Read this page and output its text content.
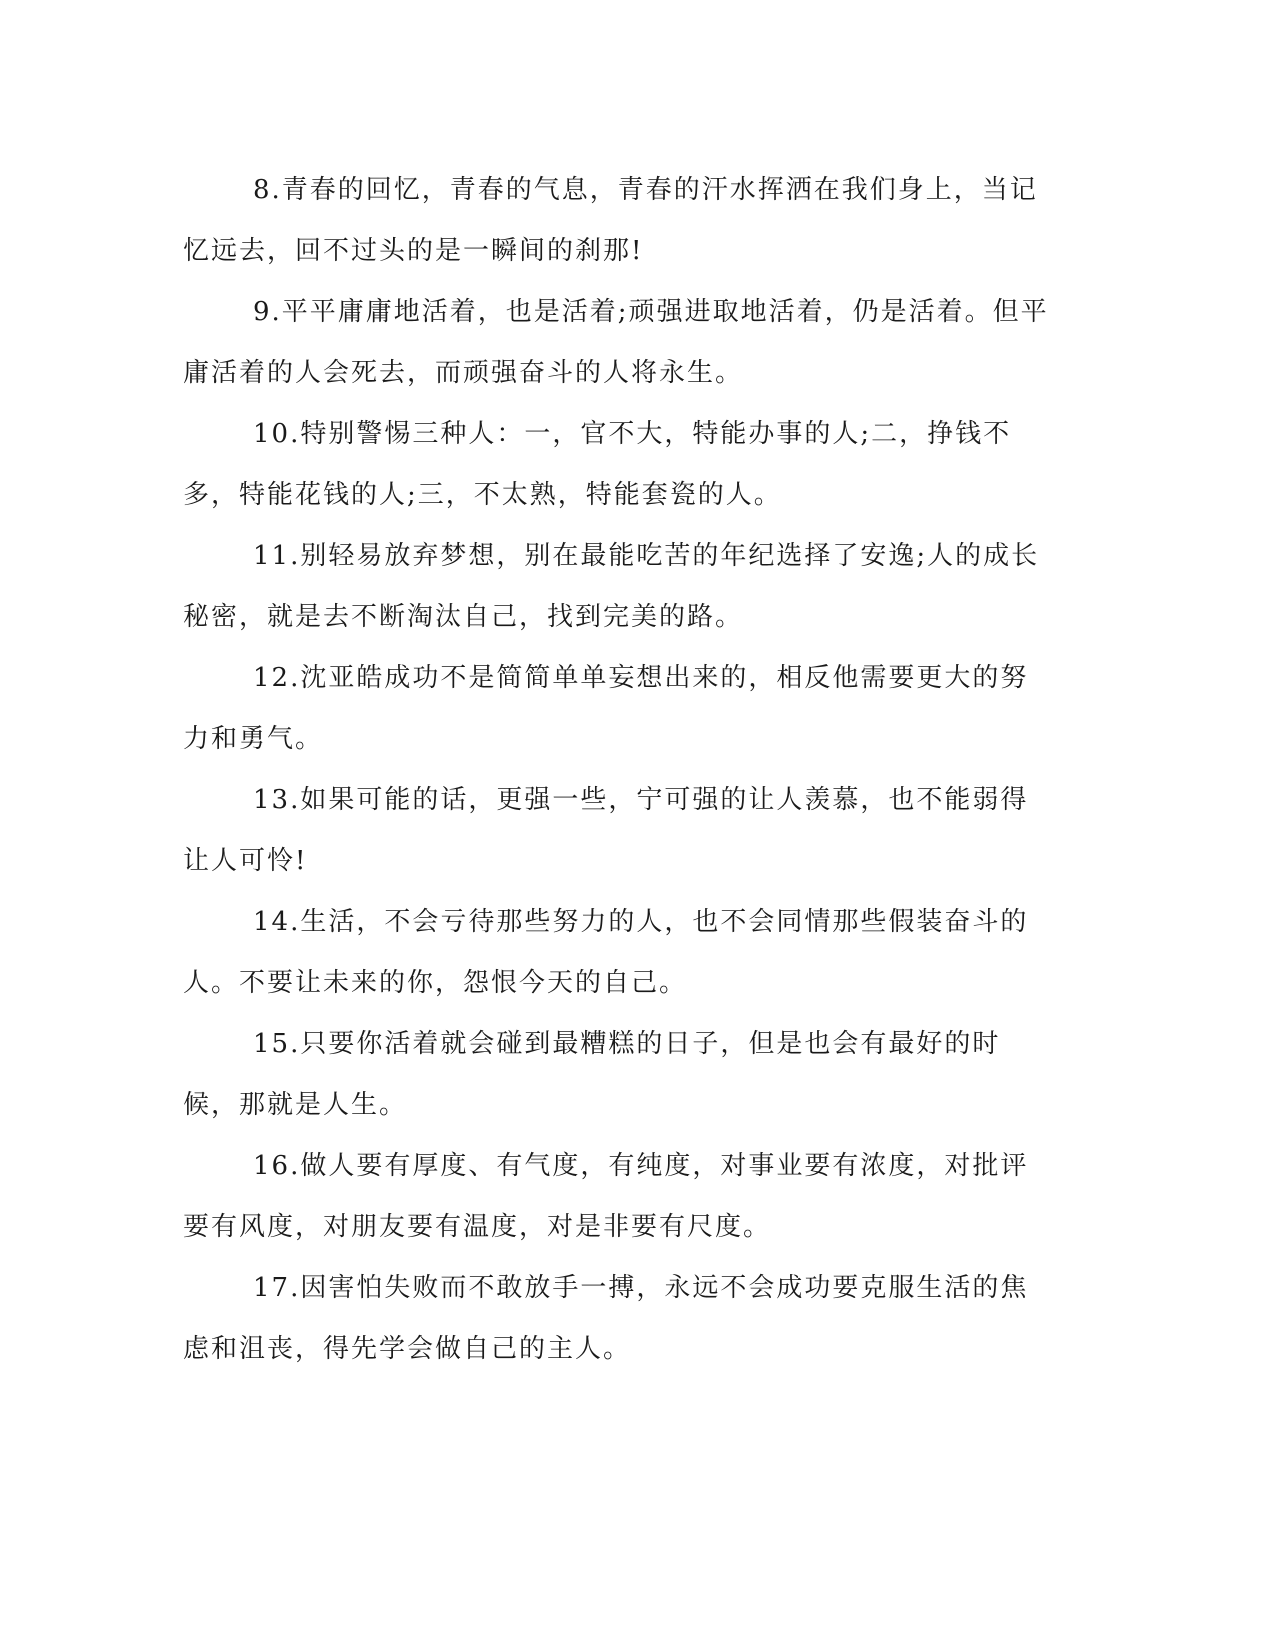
8.青春的回忆，青春的气息，青春的汗水挥洒在我们身上，当记忆远去，回不过头的是一瞬间的刹那!

9.平平庸庸地活着，也是活着;顽强进取地活着，仍是活着。但平庸活着的人会死去，而顽强奋斗的人将永生。

10.特别警惕三种人：一，官不大，特能办事的人;二，挣钱不多，特能花钱的人;三，不太熟，特能套瓷的人。

11.别轻易放弃梦想，别在最能吃苦的年纪选择了安逸;人的成长秘密，就是去不断淘汰自己，找到完美的路。

12.沈亚皓成功不是简简单单妄想出来的，相反他需要更大的努力和勇气。

13.如果可能的话，更强一些，宁可强的让人羡慕，也不能弱得让人可怜!

14.生活，不会亏待那些努力的人，也不会同情那些假装奋斗的人。不要让未来的你，怨恨今天的自己。

15.只要你活着就会碰到最糟糕的日子，但是也会有最好的时候，那就是人生。

16.做人要有厚度、有气度，有纯度，对事业要有浓度，对批评要有风度，对朋友要有温度，对是非要有尺度。

17.因害怕失败而不敢放手一搏，永远不会成功要克服生活的焦虑和沮丧，得先学会做自己的主人。
